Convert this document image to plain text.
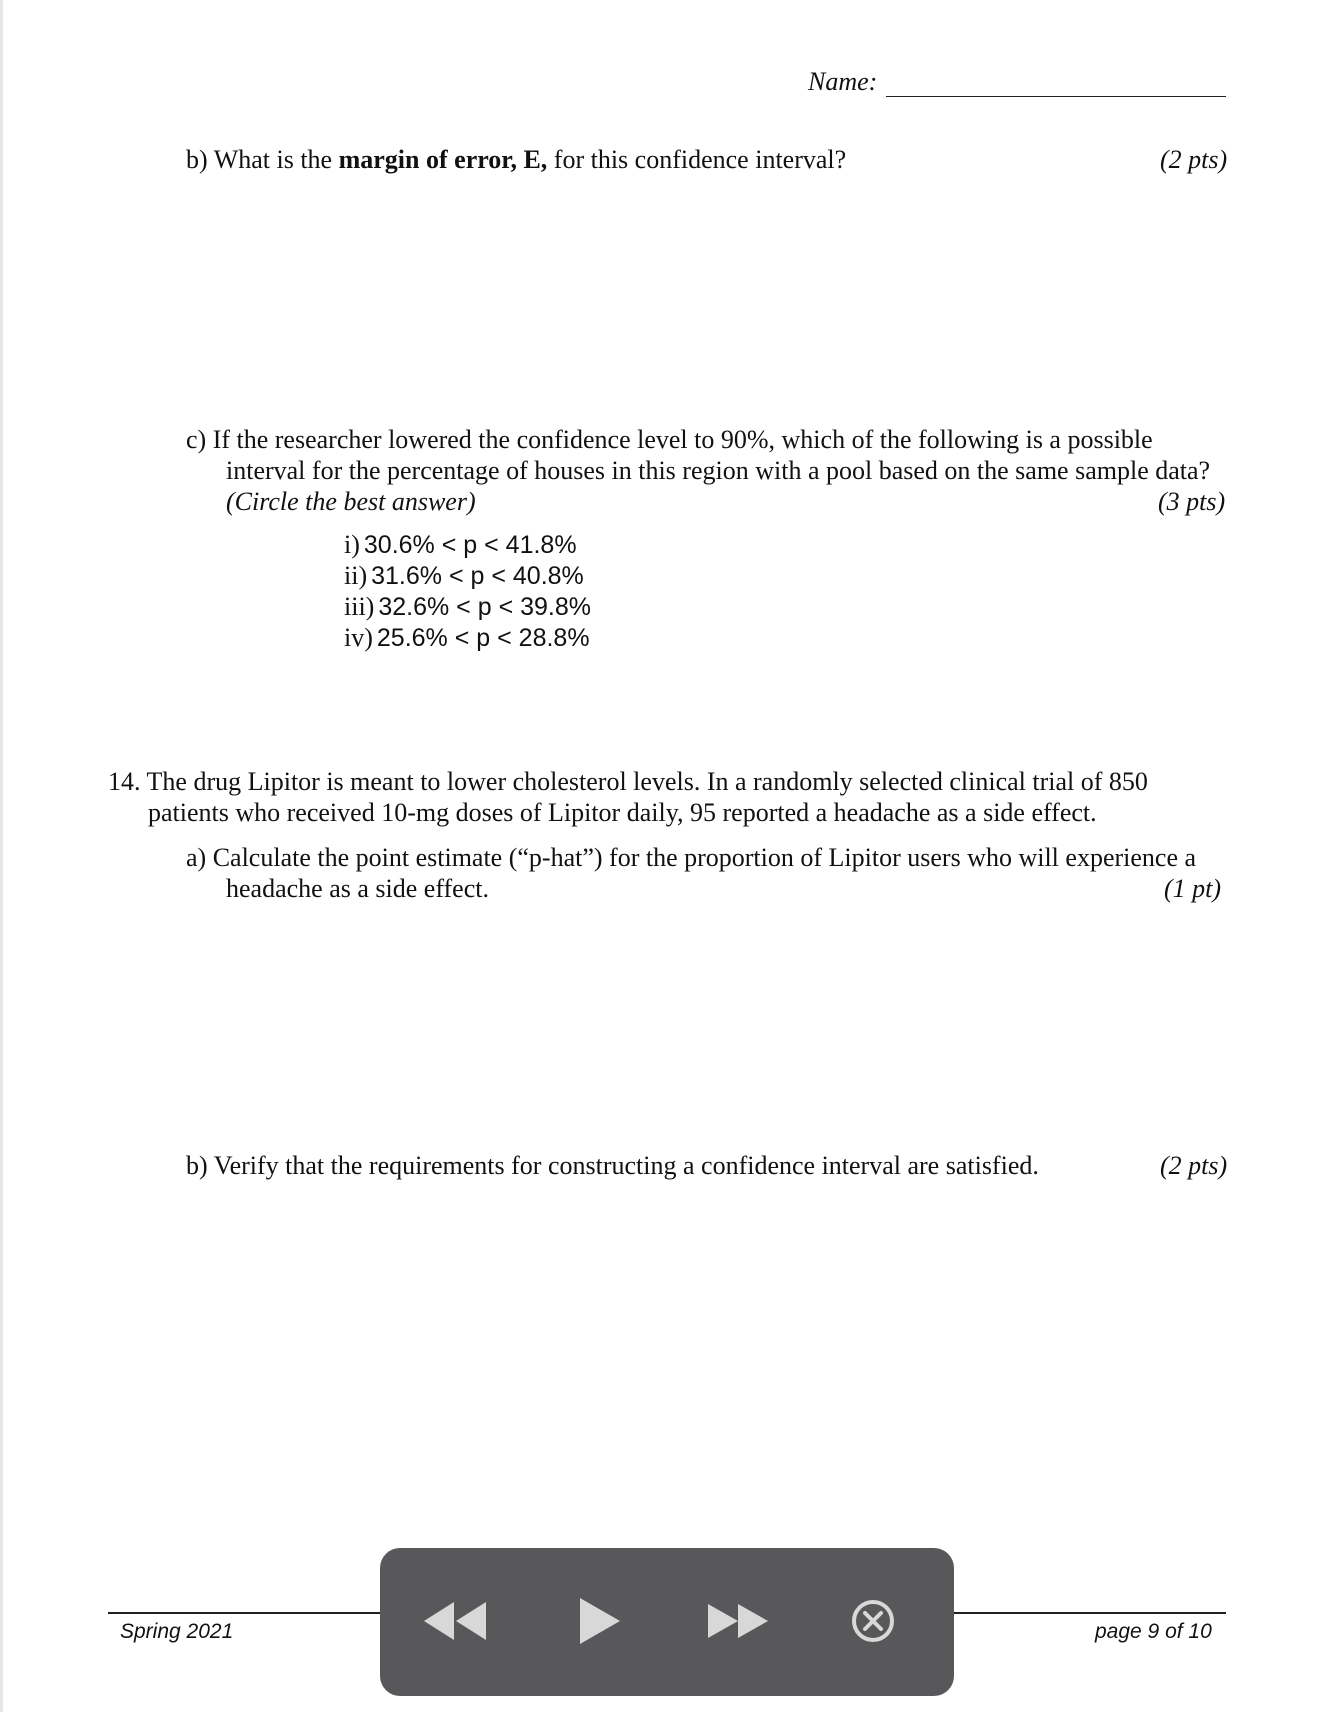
Name:
b) What is the margin of error, E, for this confidence interval?	(2 pts)
c) If the researcher lowered the confidence level to 90%, which of the following is a possible
interval for the percentage of houses in this region with a pool based on the same sample data?
(Circle the best answer)	(3 pts)
i) 30.6% < p < 41.8%
ii) 31.6% < p < 40.8%
iii) 32.6% < p < 39.8%
iv) 25.6% < p < 28.8%
14. The drug Lipitor is meant to lower cholesterol levels. In a randomly selected clinical trial of 850
patients who received 10-mg doses of Lipitor daily, 95 reported a headache as a side effect.
a) Calculate the point estimate (“p-hat”) for the proportion of Lipitor users who will experience a
headache as a side effect.	(1 pt)
b) Verify that the requirements for constructing a confidence interval are satisfied.	(2 pts)
Spring 2021	page 9 of 10
